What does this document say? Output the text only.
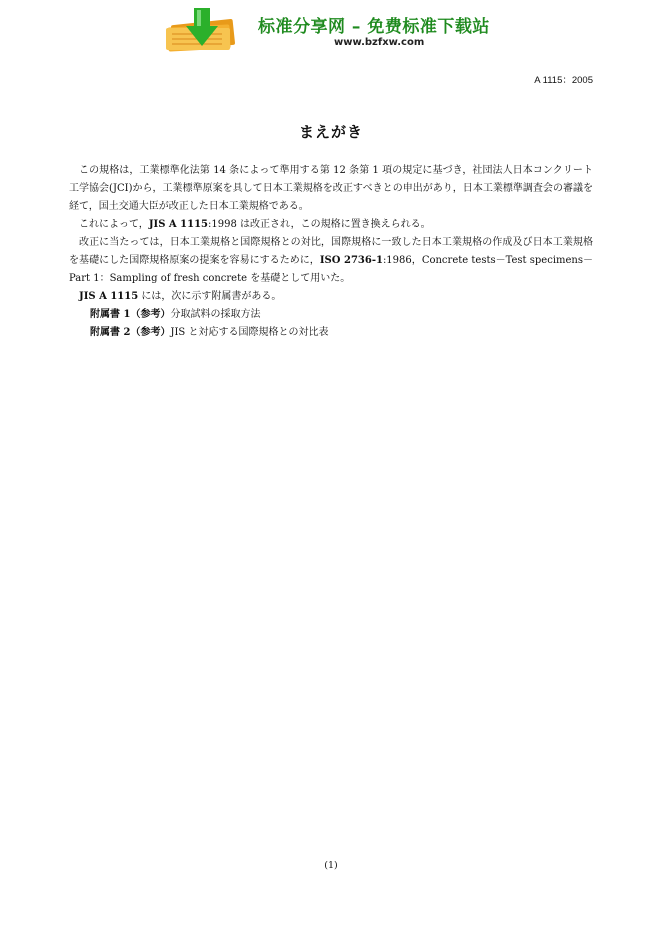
标准分享网 – 免费标准下载站
www.bzfxw.com
A 1115：2005
まえがき

この規格は，工業標準化法第 14 条によって準用する第 12 条第 1 項の規定に基づき，社団法人日本コンクリート工学協会(JCI)から，工業標準原案を具して日本工業規格を改正すべきとの申出があり，日本工業標準調査会の審議を経て，国土交通大臣が改正した日本工業規格である。

これによって，JIS A 1115:1998 は改正され，この規格に置き換えられる。

改正に当たっては，日本工業規格と国際規格との対比，国際規格に一致した日本工業規格の作成及び日本工業規格を基礎にした国際規格原案の提案を容易にするために，ISO 2736-1:1986，Concrete tests－Test specimens－Part 1：Sampling of fresh concrete を基礎として用いた。

JIS A 1115 には，次に示す附属書がある。

附属書 1（参考）分取試料の採取方法

附属書 2（参考）JIS と対応する国際規格との対比表

(1)
